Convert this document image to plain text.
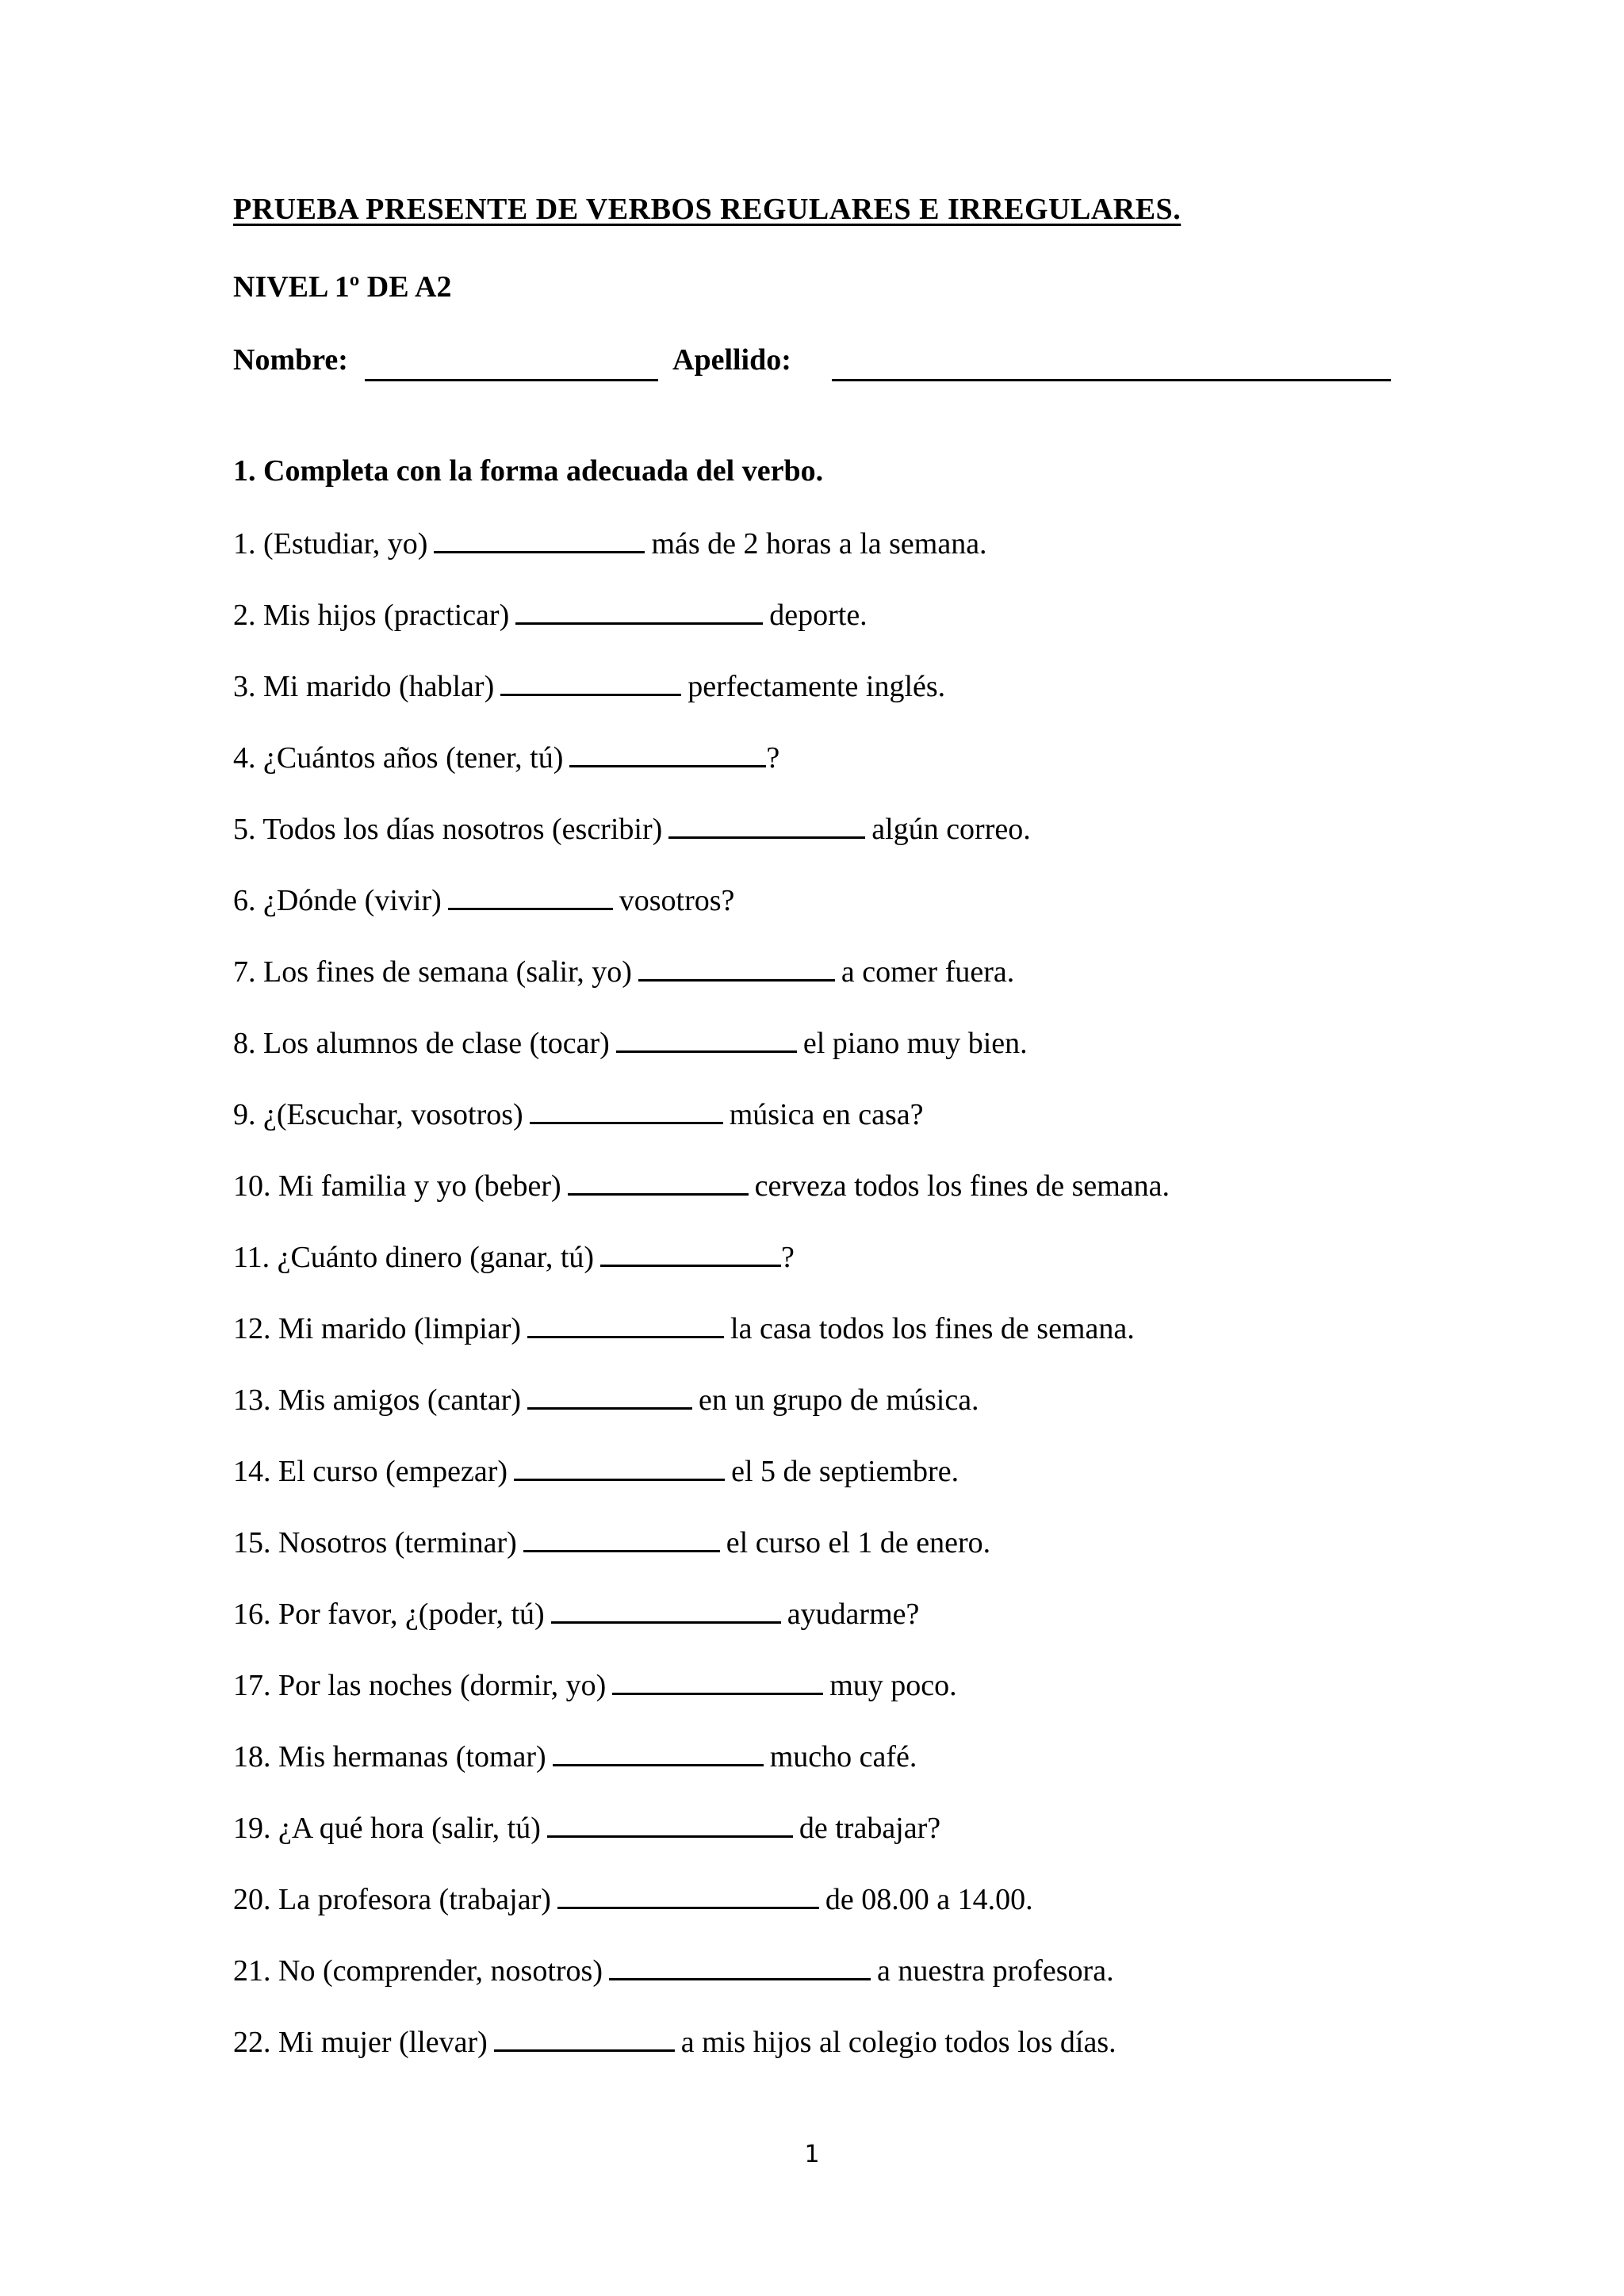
PRUEBA PRESENTE DE VERBOS REGULARES E IRREGULARES.
NIVEL 1º DE A2
Nombre:	Apellido:
1. Completa con la forma adecuada del verbo.
1. (Estudiar, yo)	más de 2 horas a la semana.
2. Mis hijos (practicar)	deporte.
3. Mi marido (hablar)	perfectamente inglés.
4. ¿Cuántos años (tener, tú)	?
5. Todos los días nosotros (escribir)	algún correo.
6. ¿Dónde (vivir)	vosotros?
7. Los fines de semana (salir, yo)	a comer fuera.
8. Los alumnos de clase (tocar)	el piano muy bien.
9. ¿(Escuchar, vosotros)	música en casa?
10. Mi familia y yo (beber)	cerveza todos los fines de semana.
11. ¿Cuánto dinero (ganar, tú)	?
12. Mi marido (limpiar)	la casa todos los fines de semana.
13. Mis amigos (cantar)	en un grupo de música.
14. El curso (empezar)	el 5 de septiembre.
15. Nosotros (terminar)	el curso el 1 de enero.
16. Por favor, ¿(poder, tú)	ayudarme?
17. Por las noches (dormir, yo)	muy poco.
18. Mis hermanas (tomar)	mucho café.
19. ¿A qué hora (salir, tú)	de trabajar?
20. La profesora (trabajar)	de 08.00 a 14.00.
21. No (comprender, nosotros)	a nuestra profesora.
22. Mi mujer (llevar)	a mis hijos al colegio todos los días.
1
